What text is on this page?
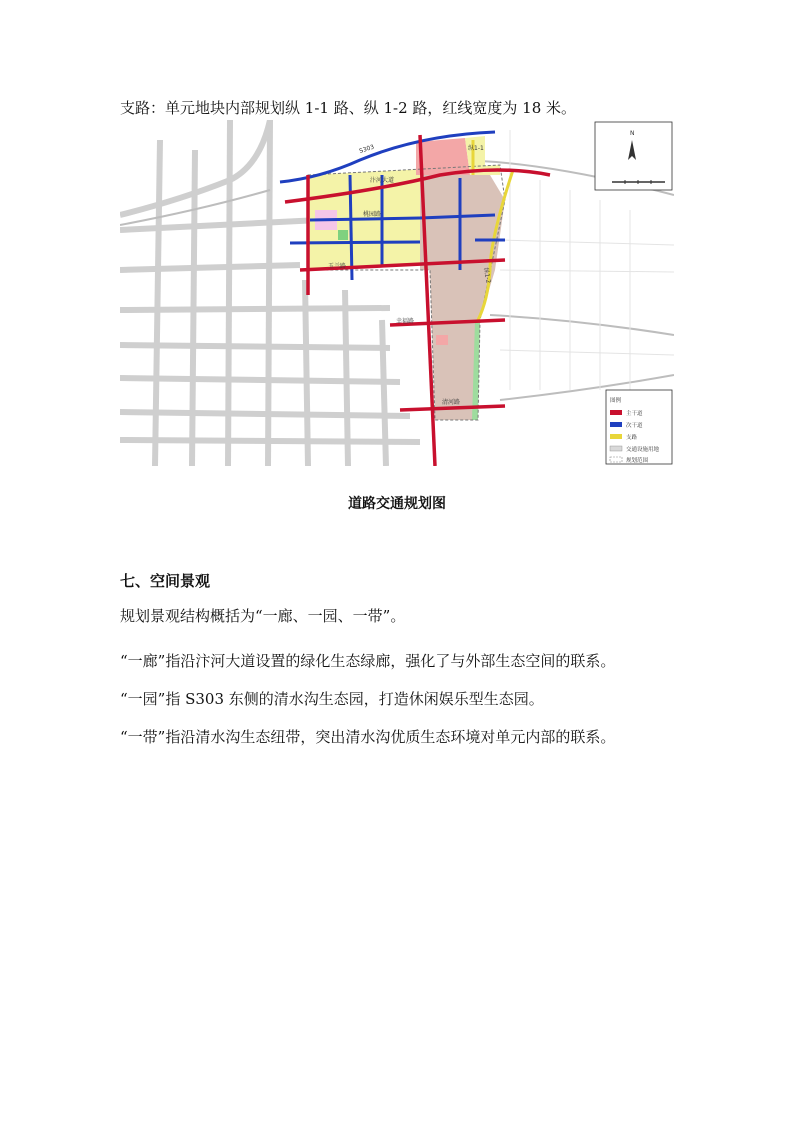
支路：单元地块内部规划纵 1-1 路、纵 1-2 路，红线宽度为 18 米。
S303
汴河大道
桃园路
玉兰路
幸福路
清河路
纵1-1
纵1-2
N
图例
主干道
次干道
支路
交通设施用地
规划范围
道路交通规划图
七、空间景观
规划景观结构概括为“一廊、一园、一带”。
“一廊”指沿汴河大道设置的绿化生态绿廊，强化了与外部生态空间的联系。
“一园”指 S303 东侧的清水沟生态园，打造休闲娱乐型生态园。
“一带”指沿清水沟生态纽带，突出清水沟优质生态环境对单元内部的联系。
